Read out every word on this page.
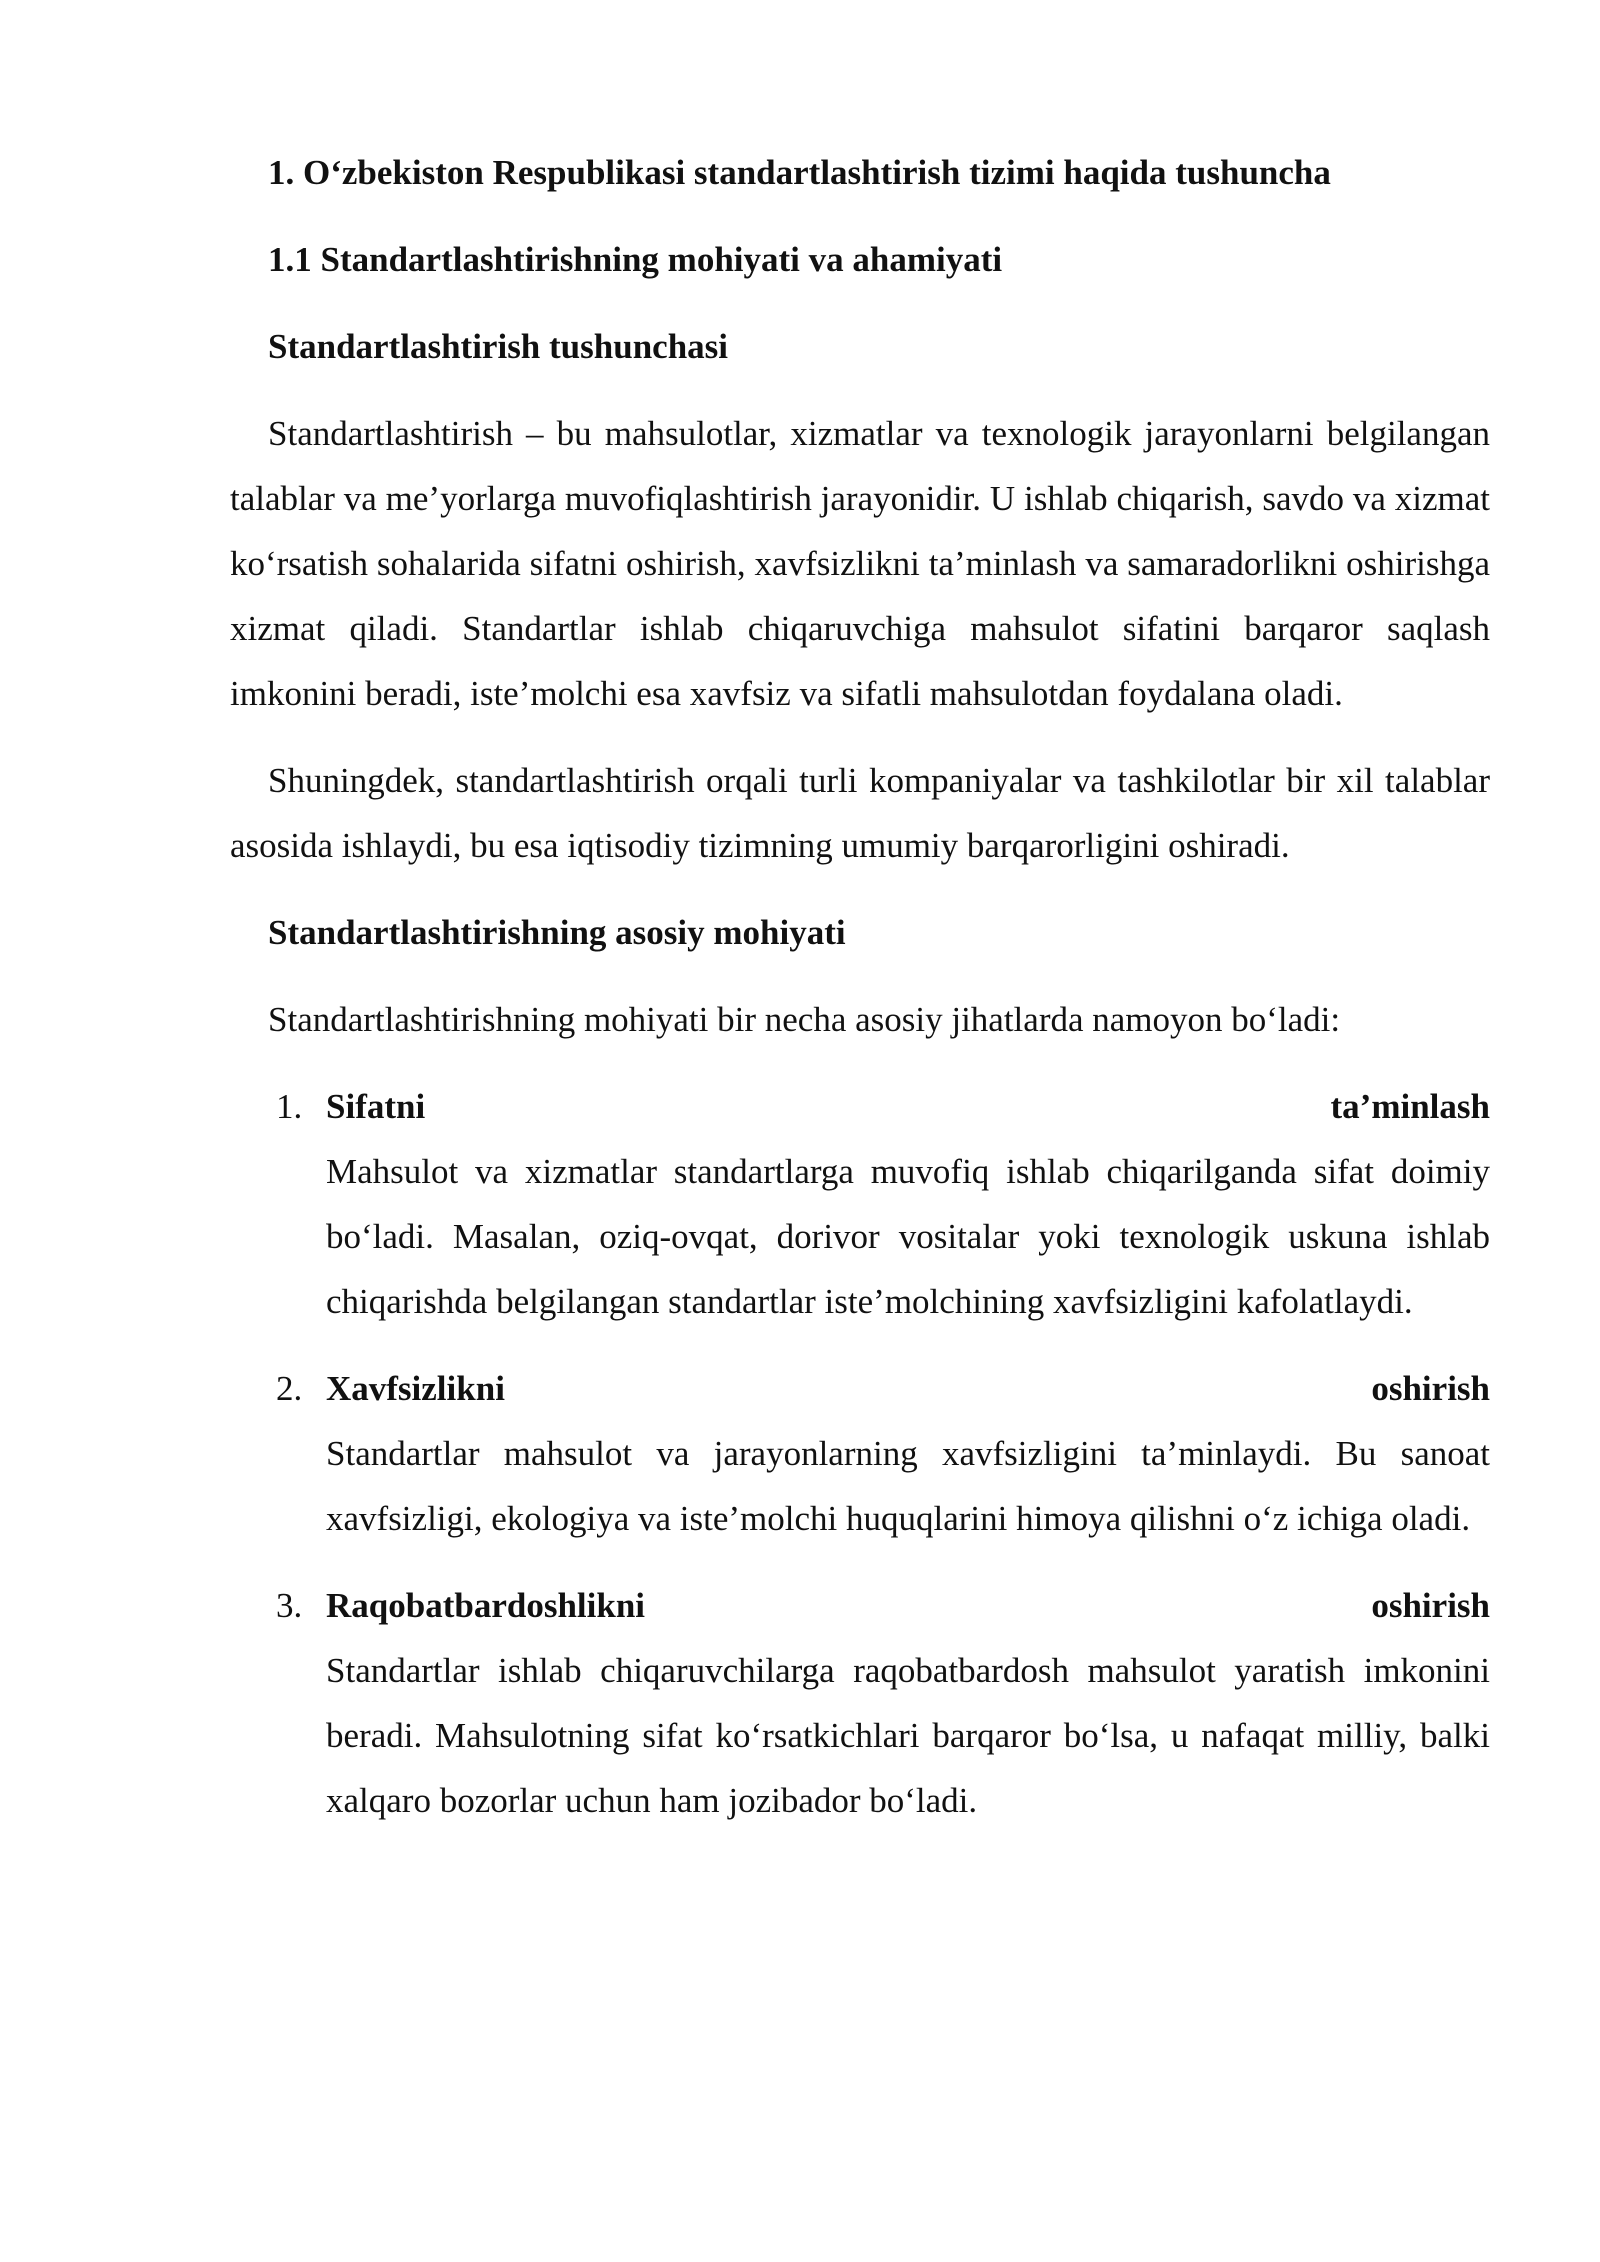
1. O‘zbekiston Respublikasi standartlashtirish tizimi haqida tushuncha
1.1 Standartlashtirishning mohiyati va ahamiyati
Standartlashtirish tushunchasi

Standartlashtirish – bu mahsulotlar, xizmatlar va texnologik jarayonlarni belgilangan talablar va me’yorlarga muvofiqlashtirish jarayonidir. U ishlab chiqarish, savdo va xizmat ko‘rsatish sohalarida sifatni oshirish, xavfsizlikni ta’minlash va samaradorlikni oshirishga xizmat qiladi. Standartlar ishlab chiqaruvchiga mahsulot sifatini barqaror saqlash imkonini beradi, iste’molchi esa xavfsiz va sifatli mahsulotdan foydalana oladi.

Shuningdek, standartlashtirish orqali turli kompaniyalar va tashkilotlar bir xil talablar asosida ishlaydi, bu esa iqtisodiy tizimning umumiy barqarorligini oshiradi.

Standartlashtirishning asosiy mohiyati

Standartlashtirishning mohiyati bir necha asosiy jihatlarda namoyon bo‘ladi:

1. Sifatni	ta’minlash
Mahsulot va xizmatlar standartlarga muvofiq ishlab chiqarilganda sifat doimiy bo‘ladi. Masalan, oziq-ovqat, dorivor vositalar yoki texnologik uskuna ishlab chiqarishda belgilangan standartlar iste’molchining xavfsizligini kafolatlaydi.
2. Xavfsizlikni	oshirish
Standartlar mahsulot va jarayonlarning xavfsizligini ta’minlaydi. Bu sanoat xavfsizligi, ekologiya va iste’molchi huquqlarini himoya qilishni o‘z ichiga oladi.
3. Raqobatbardoshlikni	oshirish
Standartlar ishlab chiqaruvchilarga raqobatbardosh mahsulot yaratish imkonini beradi. Mahsulotning sifat ko‘rsatkichlari barqaror bo‘lsa, u nafaqat milliy, balki xalqaro bozorlar uchun ham jozibador bo‘ladi.
